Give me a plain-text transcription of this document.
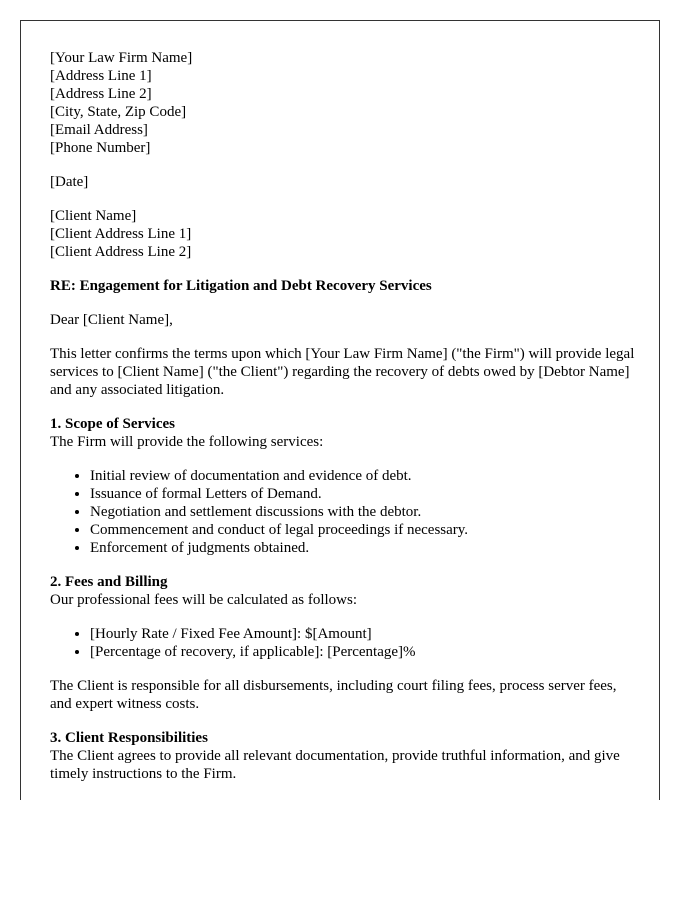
[Your Law Firm Name]
[Address Line 1]
[Address Line 2]
[City, State, Zip Code]
[Email Address]
[Phone Number]
[Date]
[Client Name]
[Client Address Line 1]
[Client Address Line 2]
RE: Engagement for Litigation and Debt Recovery Services

Dear [Client Name],

This letter confirms the terms upon which [Your Law Firm Name] ("the Firm") will provide legal services to [Client Name] ("the Client") regarding the recovery of debts owed by [Debtor Name] and any associated litigation.

1. Scope of Services
The Firm will provide the following services:
• Initial review of documentation and evidence of debt.
• Issuance of formal Letters of Demand.
• Negotiation and settlement discussions with the debtor.
• Commencement and conduct of legal proceedings if necessary.
• Enforcement of judgments obtained.
2. Fees and Billing
Our professional fees will be calculated as follows:
• [Hourly Rate / Fixed Fee Amount]: $[Amount]
• [Percentage of recovery, if applicable]: [Percentage]%

The Client is responsible for all disbursements, including court filing fees, process server fees, and expert witness costs.

3. Client Responsibilities
The Client agrees to provide all relevant documentation, provide truthful information, and give timely instructions to the Firm.
